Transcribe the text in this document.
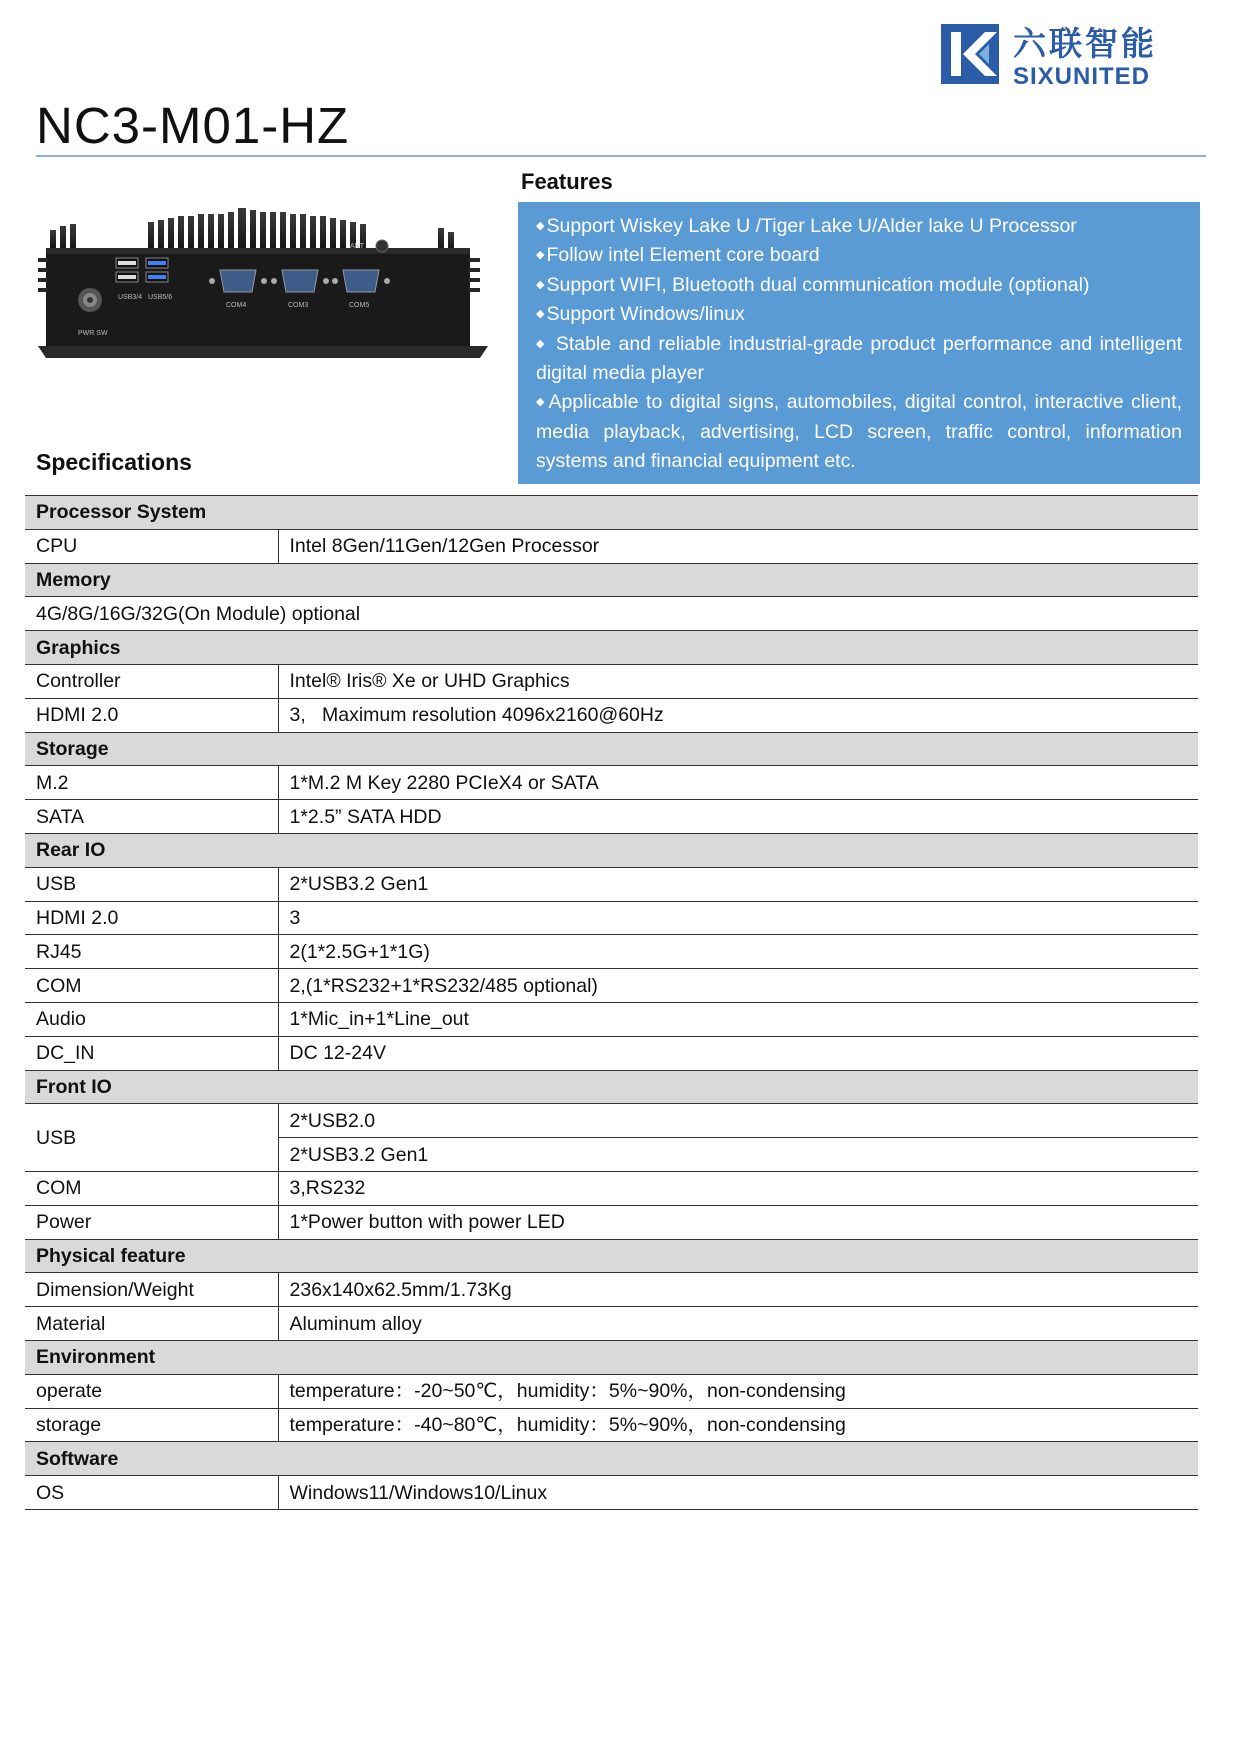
六联智能
SIXUNITED
NC3-M01-HZ
PWR SW
USB3/4 USB5/6
COM4	COM3	COM5
ANT
Features
◆ Support Wiskey Lake U /Tiger Lake U/Alder lake U Processor
◆ Follow intel Element core board
◆ Support WIFI, Bluetooth dual communication module (optional)
◆ Support Windows/linux
◆ Stable and reliable industrial-grade product performance and intelligent digital media player
◆ Applicable to digital signs, automobiles, digital control, interactive client, media playback, advertising, LCD screen, traffic control, information systems and financial equipment etc.
Specifications
Processor System	
CPU	Intel 8Gen/11Gen/12Gen Processor
Memory	
4G/8G/16G/32G(On Module) optional	
Graphics	
Controller	Intel® Iris® Xe or UHD Graphics
HDMI 2.0	3,   Maximum resolution 4096x2160@60Hz
Storage	
M.2	1*M.2 M Key 2280 PCIeX4 or SATA
SATA	1*2.5” SATA HDD
Rear IO	
USB	2*USB3.2 Gen1
HDMI 2.0	3
RJ45	2(1*2.5G+1*1G)
COM	2,(1*RS232+1*RS232/485 optional)
Audio	1*Mic_in+1*Line_out
DC_IN	DC 12-24V
Front IO	
USB	2*USB2.0
	2*USB3.2 Gen1
COM	3,RS232
Power	1*Power button with power LED
Physical feature	
Dimension/Weight	236x140x62.5mm/1.73Kg
Material	Aluminum alloy
Environment	
operate	temperature：-20~50℃，humidity：5%~90%，non-condensing
storage	temperature：-40~80℃，humidity：5%~90%，non-condensing
Software	
OS	Windows11/Windows10/Linux
